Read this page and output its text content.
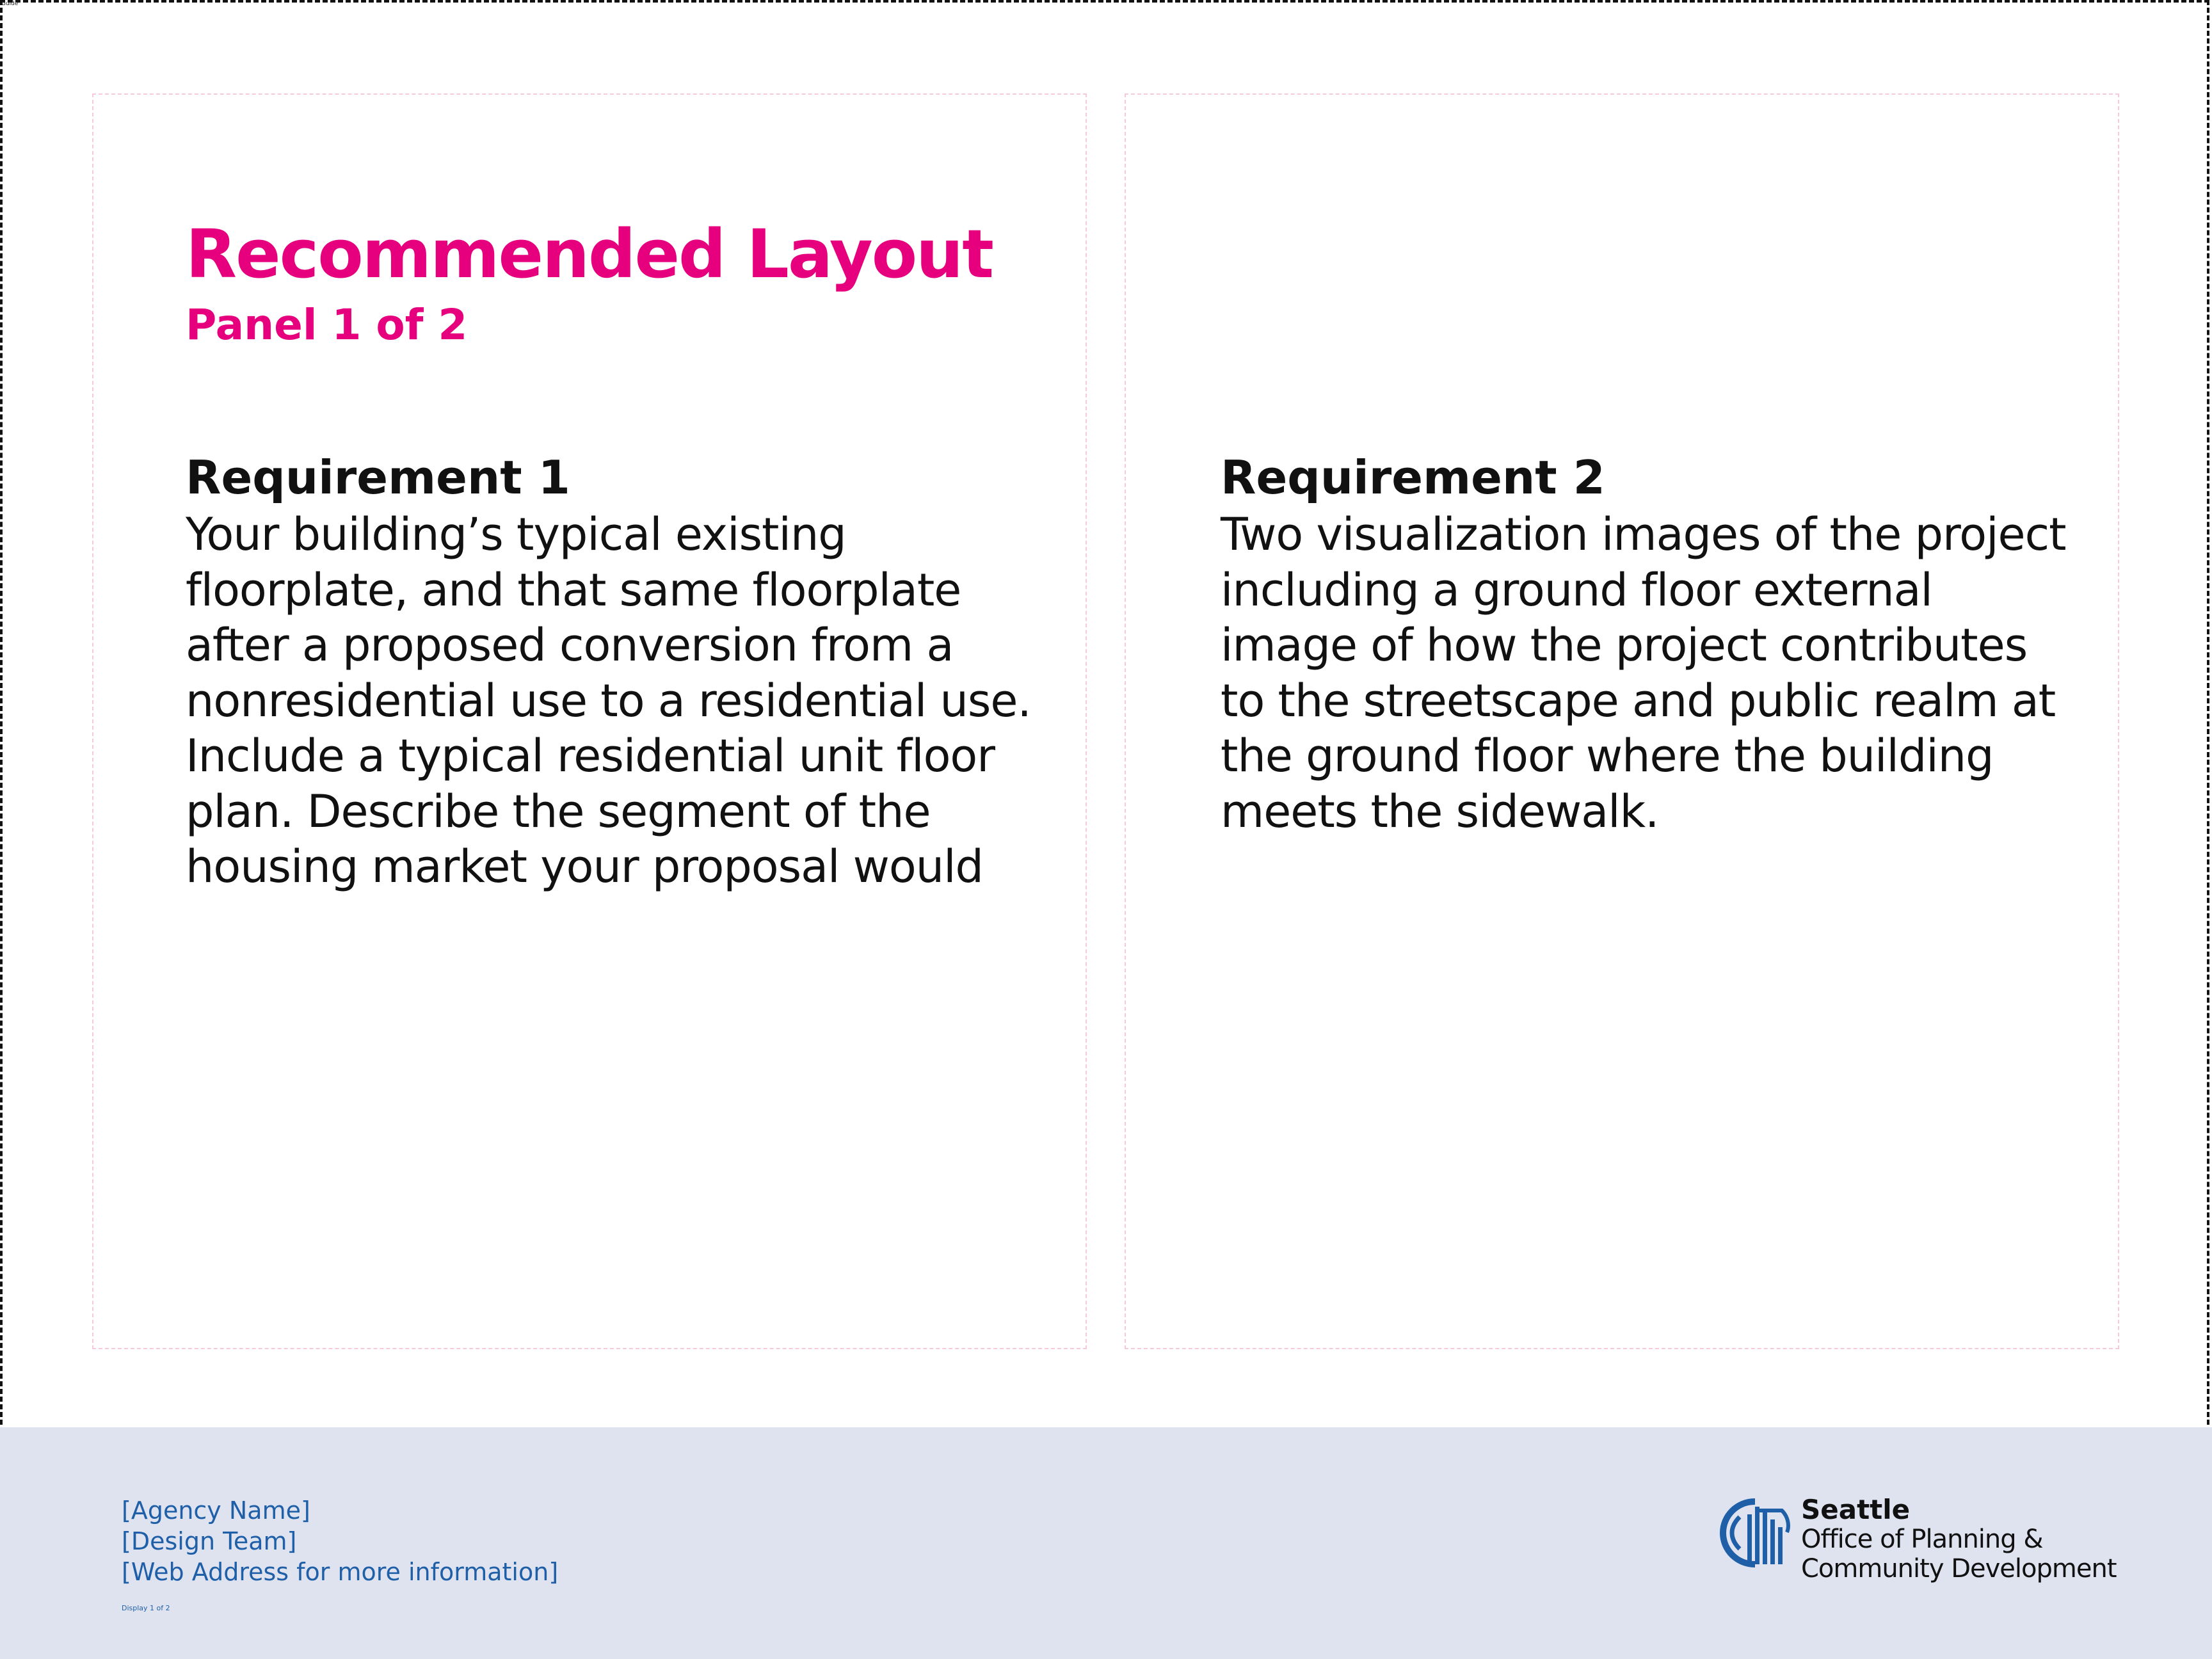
Guide
Recommended Layout
Panel 1 of 2

Requirement 1

Your building’s typical existing floorplate, and that same floorplate after a proposed conversion from a nonresidential use to a residential use. Include a typical residential unit floor plan. Describe the segment of the housing market your proposal would

Requirement 2

Two visualization images of the project including a ground floor external image of how the project contributes to the streetscape and public realm at the ground floor where the building meets the sidewalk.

[Agency Name]
[Design Team]
[Web Address for more information]
Display 1 of 2
Seattle
Office of Planning &
Community Development
